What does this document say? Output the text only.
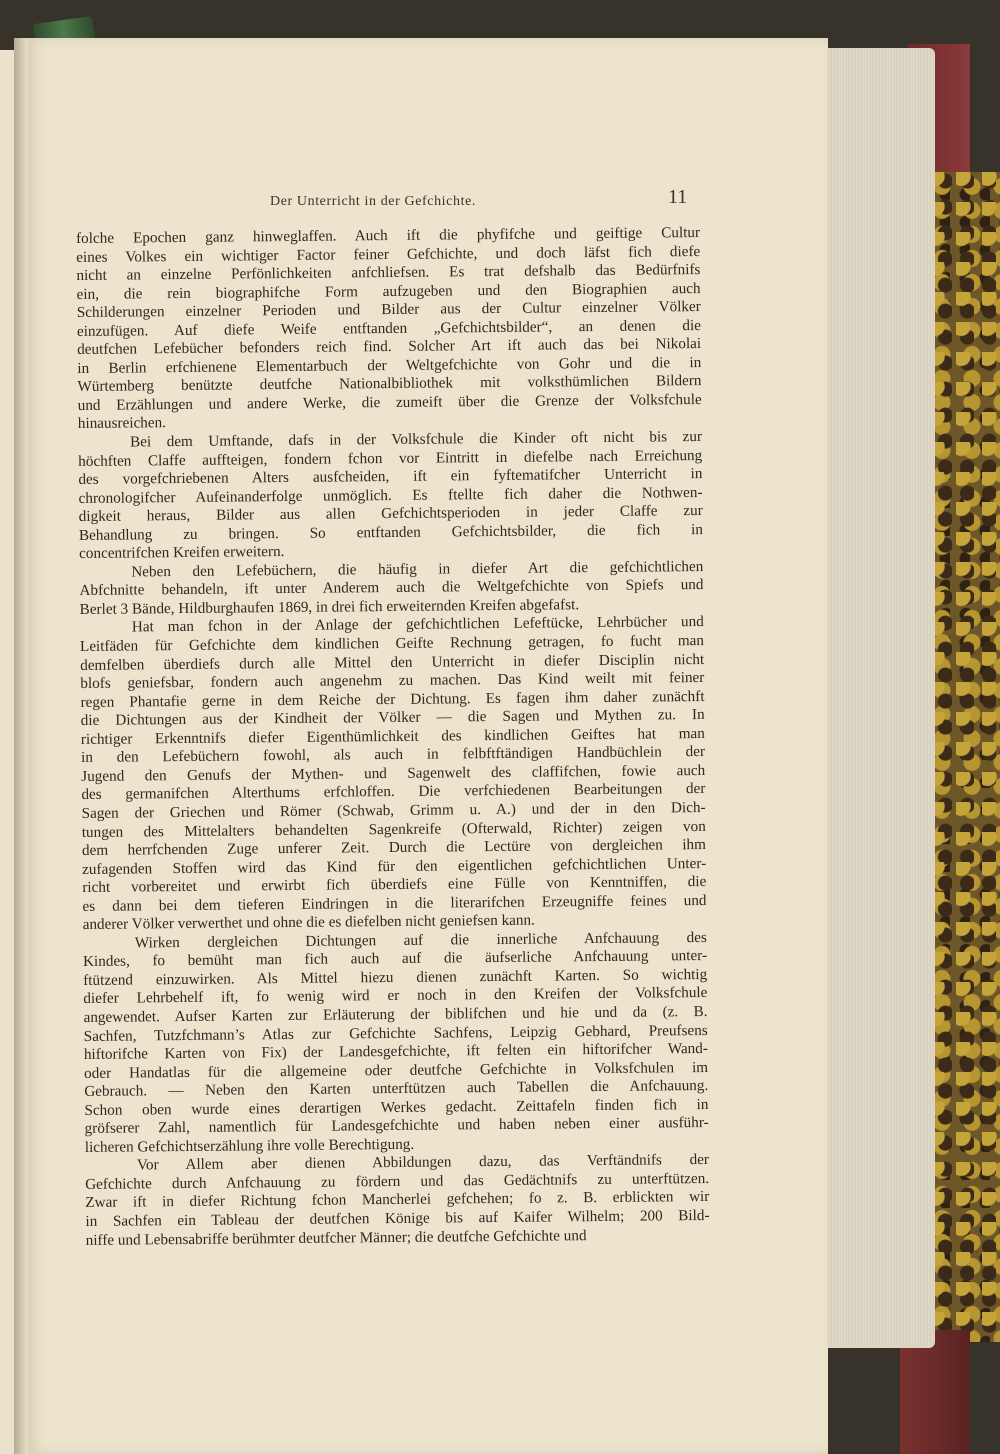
Der Unterricht in der Gefchichte.	11
folche Epochen ganz hinweglaffen. Auch ift die phyfifche und geiftige Cultur
eines Volkes ein wichtiger Factor feiner Gefchichte, und doch läfst fich diefe
nicht an einzelne Perfönlichkeiten anfchliefsen. Es trat defshalb das Bedürfnifs
ein, die rein biographifche Form aufzugeben und den Biographien auch
Schilderungen einzelner Perioden und Bilder aus der Cultur einzelner Völker
einzufügen. Auf diefe Weife entftanden „Gefchichtsbilder“, an denen die
deutfchen Lefebücher befonders reich find. Solcher Art ift auch das bei Nikolai
in Berlin erfchienene Elementarbuch der Weltgefchichte von Gohr und die in
Würtemberg benützte deutfche Nationalbibliothek mit volksthümlichen Bildern
und Erzählungen und andere Werke, die zumeift über die Grenze der Volksfchule
hinausreichen.
Bei dem Umftande, dafs in der Volksfchule die Kinder oft nicht bis zur
höchften Claffe auffteigen, fondern fchon vor Eintritt in diefelbe nach Erreichung
des vorgefchriebenen Alters ausfcheiden, ift ein fyftematifcher Unterricht in
chronologifcher Aufeinanderfolge unmöglich. Es ftellte fich daher die Nothwen-
digkeit heraus, Bilder aus allen Gefchichtsperioden in jeder Claffe zur
Behandlung zu bringen. So entftanden Gefchichtsbilder, die fich in
concentrifchen Kreifen erweitern.
Neben den Lefebüchern, die häufig in diefer Art die gefchichtlichen
Abfchnitte behandeln, ift unter Anderem auch die Weltgefchichte von Spiefs und
Berlet 3 Bände, Hildburghaufen 1869, in drei fich erweiternden Kreifen abgefafst.
Hat man fchon in der Anlage der gefchichtlichen Lefeftücke, Lehrbücher und
Leitfäden für Gefchichte dem kindlichen Geifte Rechnung getragen, fo fucht man
demfelben überdiefs durch alle Mittel den Unterricht in diefer Disciplin nicht
blofs geniefsbar, fondern auch angenehm zu machen. Das Kind weilt mit feiner
regen Phantafie gerne in dem Reiche der Dichtung. Es fagen ihm daher zunächft
die Dichtungen aus der Kindheit der Völker — die Sagen und Mythen zu. In
richtiger Erkenntnifs diefer Eigenthümlichkeit des kindlichen Geiftes hat man
in den Lefebüchern fowohl, als auch in felbftftändigen Handbüchlein der
Jugend den Genufs der Mythen- und Sagenwelt des claffifchen, fowie auch
des germanifchen Alterthums erfchloffen. Die verfchiedenen Bearbeitungen der
Sagen der Griechen und Römer (Schwab, Grimm u. A.) und der in den Dich-
tungen des Mittelalters behandelten Sagenkreife (Ofterwald, Richter) zeigen von
dem herrfchenden Zuge unferer Zeit. Durch die Lectüre von dergleichen ihm
zufagenden Stoffen wird das Kind für den eigentlichen gefchichtlichen Unter-
richt vorbereitet und erwirbt fich überdiefs eine Fülle von Kenntniffen, die
es dann bei dem tieferen Eindringen in die literarifchen Erzeugniffe feines und
anderer Völker verwerthet und ohne die es diefelben nicht geniefsen kann.
Wirken dergleichen Dichtungen auf die innerliche Anfchauung des
Kindes, fo bemüht man fich auch auf die äufserliche Anfchauung unter-
ftützend einzuwirken. Als Mittel hiezu dienen zunächft Karten. So wichtig
diefer Lehrbehelf ift, fo wenig wird er noch in den Kreifen der Volksfchule
angewendet. Aufser Karten zur Erläuterung der biblifchen und hie und da (z. B.
Sachfen, Tutzfchmann’s Atlas zur Gefchichte Sachfens, Leipzig Gebhard, Preufsens
hiftorifche Karten von Fix) der Landesgefchichte, ift felten ein hiftorifcher Wand-
oder Handatlas für die allgemeine oder deutfche Gefchichte in Volksfchulen im
Gebrauch. — Neben den Karten unterftützen auch Tabellen die Anfchauung.
Schon oben wurde eines derartigen Werkes gedacht. Zeittafeln finden fich in
gröfserer Zahl, namentlich für Landesgefchichte und haben neben einer ausführ-
licheren Gefchichtserzählung ihre volle Berechtigung.
Vor Allem aber dienen Abbildungen dazu, das Verftändnifs der
Gefchichte durch Anfchauung zu fördern und das Gedächtnifs zu unterftützen.
Zwar ift in diefer Richtung fchon Mancherlei gefchehen; fo z. B. erblickten wir
in Sachfen ein Tableau der deutfchen Könige bis auf Kaifer Wilhelm; 200 Bild-
niffe und Lebensabriffe berühmter deutfcher Männer; die deutfche Gefchichte und
